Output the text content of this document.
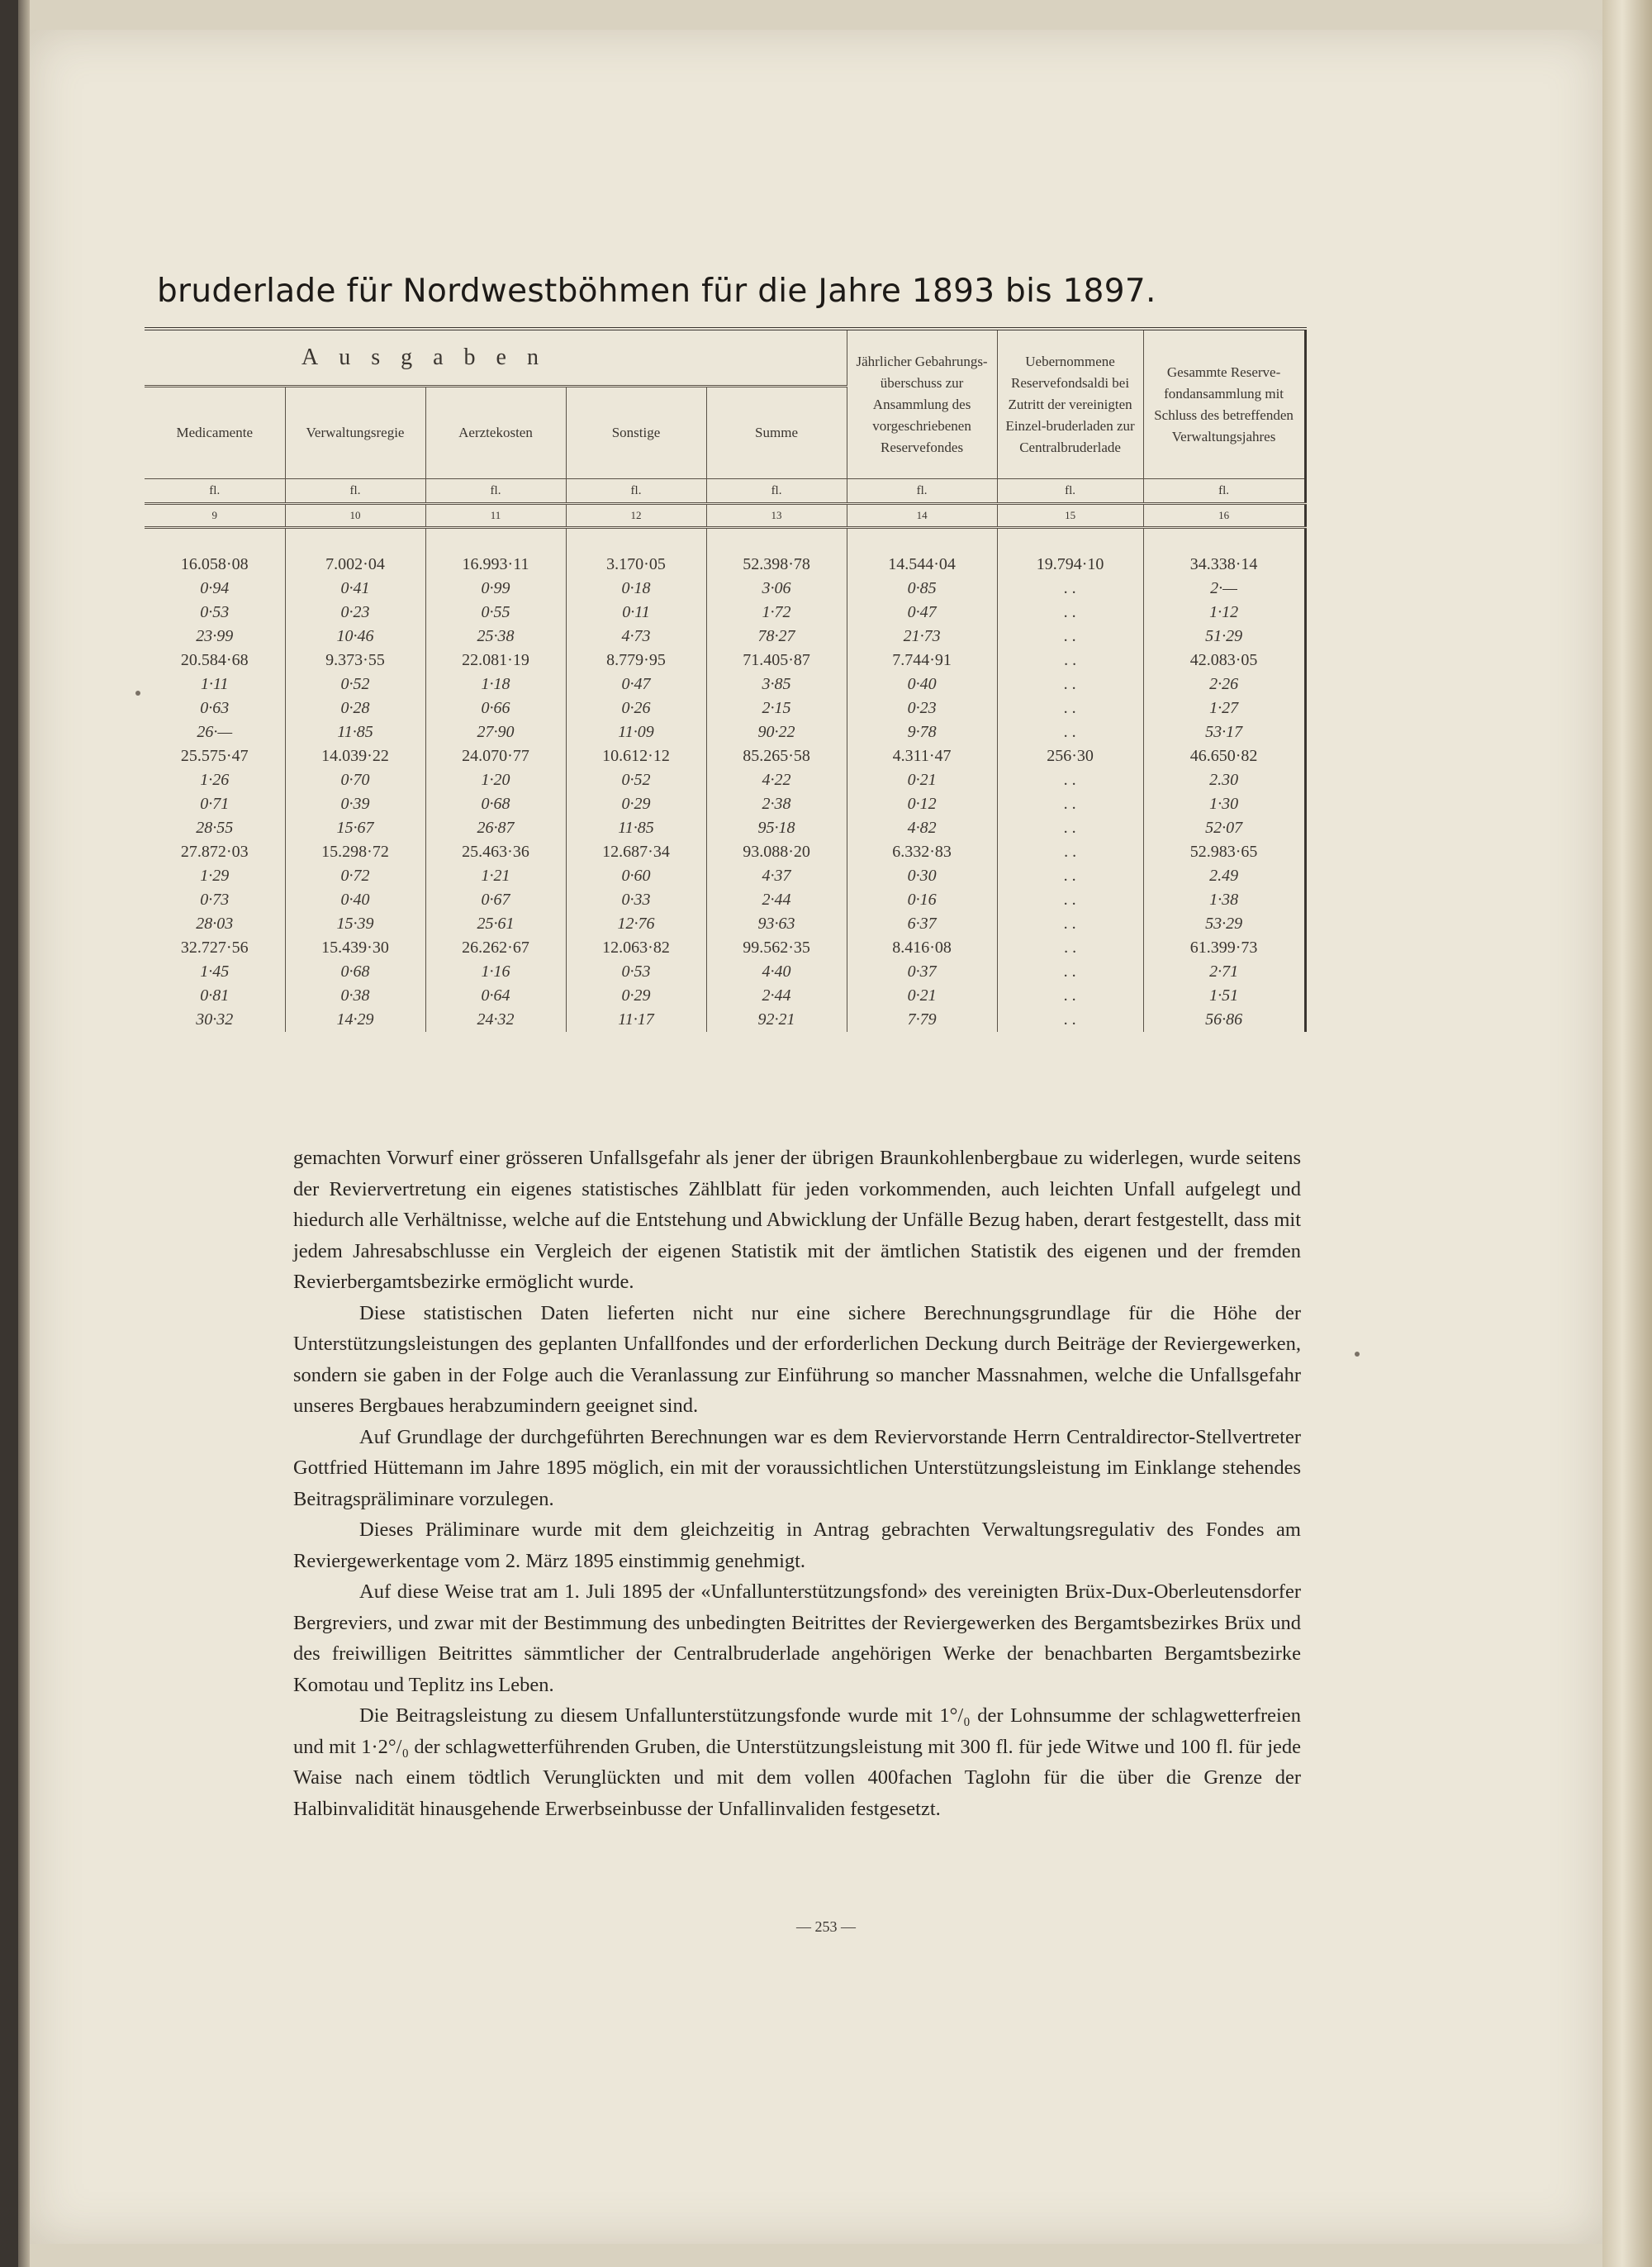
bruderlade für Nordwestböhmen für die Jahre 1893 bis 1897.
Ausgaben					Jährlicher Gebahrungs-überschuss zur Ansammlung des vorgeschriebenen Reservefondes	Uebernommene Reservefondsaldi bei Zutritt der vereinigten Einzel-bruderladen zur Centralbruderlade	Gesammte Reserve-fondansammlung mit Schluss des betreffenden Verwaltungsjahres
Medicamente	Verwaltungsregie	Aerztekosten	Sonstige	Summe			
fl.	fl.	fl.	fl.	fl.	fl.	fl.	fl.
9	10	11	12	13	14	15	16

16.058·08	7.002·04	16.993·11	3.170·05	52.398·78	14.544·04	19.794·10	34.338·14
0·94	0·41	0·99	0·18	3·06	0·85	. .	2·—
0·53	0·23	0·55	0·11	1·72	0·47	. .	1·12
23·99	10·46	25·38	4·73	78·27	21·73	. .	51·29
20.584·68	9.373·55	22.081·19	8.779·95	71.405·87	7.744·91	. .	42.083·05
1·11	0·52	1·18	0·47	3·85	0·40	. .	2·26
0·63	0·28	0·66	0·26	2·15	0·23	. .	1·27
26·—	11·85	27·90	11·09	90·22	9·78	. .	53·17
25.575·47	14.039·22	24.070·77	10.612·12	85.265·58	4.311·47	256·30	46.650·82
1·26	0·70	1·20	0·52	4·22	0·21	. .	2.30
0·71	0·39	0·68	0·29	2·38	0·12	. .	1·30
28·55	15·67	26·87	11·85	95·18	4·82	. .	52·07
27.872·03	15.298·72	25.463·36	12.687·34	93.088·20	6.332·83	. .	52.983·65
1·29	0·72	1·21	0·60	4·37	0·30	. .	2.49
0·73	0·40	0·67	0·33	2·44	0·16	. .	1·38
28·03	15·39	25·61	12·76	93·63	6·37	. .	53·29
32.727·56	15.439·30	26.262·67	12.063·82	99.562·35	8.416·08	. .	61.399·73
1·45	0·68	1·16	0·53	4·40	0·37	. .	2·71
0·81	0·38	0·64	0·29	2·44	0·21	. .	1·51
30·32	14·29	24·32	11·17	92·21	7·79	. .	56·86

gemachten Vorwurf einer grösseren Unfallsgefahr als jener der übrigen Braunkohlenbergbaue zu widerlegen, wurde seitens der Reviervertretung ein eigenes statistisches Zählblatt für jeden vorkommenden, auch leichten Unfall aufgelegt und hiedurch alle Verhältnisse, welche auf die Entstehung und Abwicklung der Unfälle Bezug haben, derart festgestellt, dass mit jedem Jahresabschlusse ein Vergleich der eigenen Statistik mit der ämtlichen Statistik des eigenen und der fremden Revierbergamtsbezirke ermöglicht wurde.

Diese statistischen Daten lieferten nicht nur eine sichere Berechnungsgrundlage für die Höhe der Unterstützungsleistungen des geplanten Unfallfondes und der erforderlichen Deckung durch Beiträge der Reviergewerken, sondern sie gaben in der Folge auch die Veranlassung zur Einführung so mancher Massnahmen, welche die Unfallsgefahr unseres Bergbaues herabzumindern geeignet sind.

Auf Grundlage der durchgeführten Berechnungen war es dem Reviervorstande Herrn Centraldirector-Stellvertreter Gottfried Hüttemann im Jahre 1895 möglich, ein mit der voraussichtlichen Unterstützungsleistung im Einklange stehendes Beitragspräliminare vorzulegen.

Dieses Präliminare wurde mit dem gleichzeitig in Antrag gebrachten Verwaltungsregulativ des Fondes am Reviergewerkentage vom 2. März 1895 einstimmig genehmigt.

Auf diese Weise trat am 1. Juli 1895 der «Unfallunterstützungsfond» des vereinigten Brüx-Dux-Oberleutensdorfer Bergreviers, und zwar mit der Bestimmung des unbedingten Beitrittes der Reviergewerken des Bergamtsbezirkes Brüx und des freiwilligen Beitrittes sämmtlicher der Centralbruderlade angehörigen Werke der benachbarten Bergamtsbezirke Komotau und Teplitz ins Leben.

Die Beitragsleistung zu diesem Unfallunterstützungsfonde wurde mit 1°/₀ der Lohnsumme der schlagwetterfreien und mit 1·2°/₀ der schlagwetterführenden Gruben, die Unterstützungsleistung mit 300 fl. für jede Witwe und 100 fl. für jede Waise nach einem tödtlich Verunglückten und mit dem vollen 400fachen Taglohn für die über die Grenze der Halbinvalidität hinausgehende Erwerbseinbusse der Unfallinvaliden festgesetzt.

— 253 —
